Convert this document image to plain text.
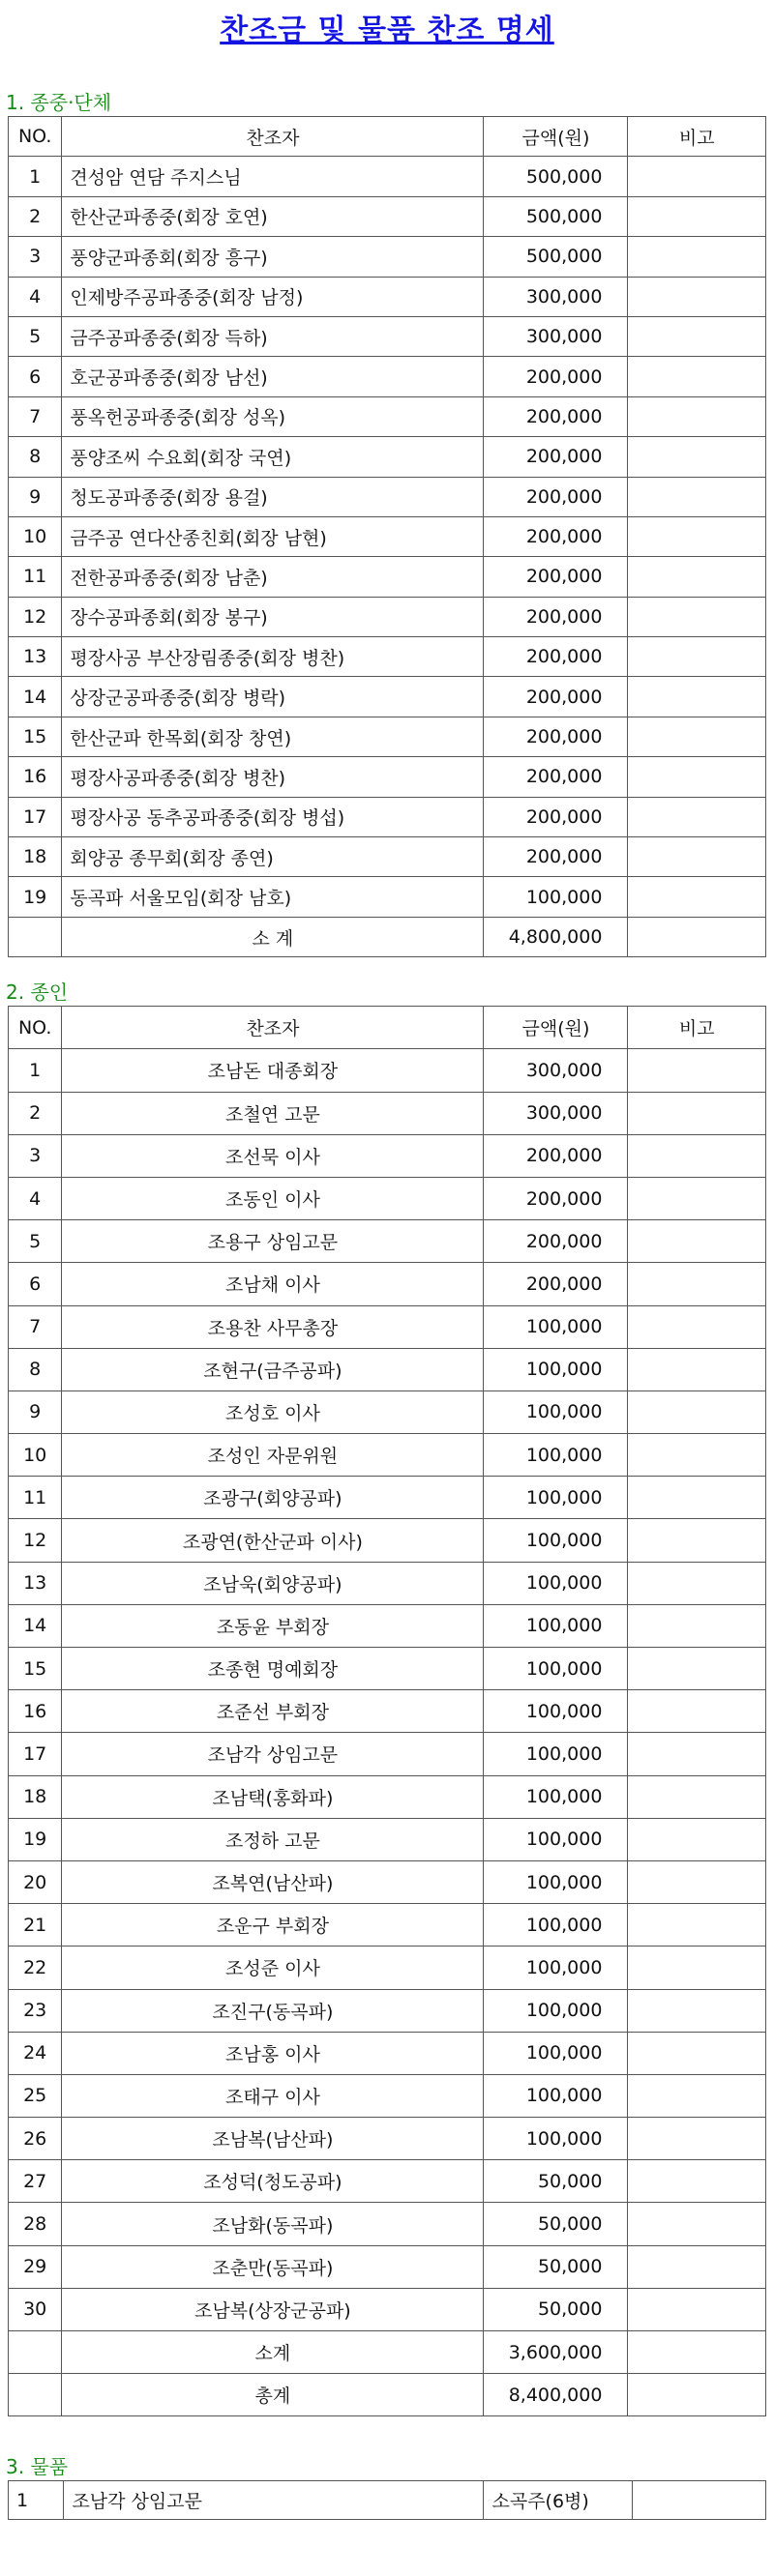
찬조금 및 물품 찬조 명세
1. 종중·단체
NO.	찬조자	금액(원)	비고
1	견성암 연담 주지스님	500,000	
2	한산군파종중(회장 호연)	500,000	
3	풍양군파종회(회장 흥구)	500,000	
4	인제방주공파종중(회장 남정)	300,000	
5	금주공파종중(회장 득하)	300,000	
6	호군공파종중(회장 남선)	200,000	
7	풍옥헌공파종중(회장 성옥)	200,000	
8	풍양조씨 수요회(회장 국연)	200,000	
9	청도공파종중(회장 용걸)	200,000	
10	금주공 연다산종친회(회장 남현)	200,000	
11	전한공파종중(회장 남춘)	200,000	
12	장수공파종회(회장 봉구)	200,000	
13	평장사공 부산장림종중(회장 병찬)	200,000	
14	상장군공파종중(회장 병락)	200,000	
15	한산군파 한목회(회장 창연)	200,000	
16	평장사공파종중(회장 병찬)	200,000	
17	평장사공 동추공파종중(회장 병섭)	200,000	
18	회양공 종무회(회장 종연)	200,000	
19	동곡파 서울모임(회장 남호)	100,000	
	소 계	4,800,000	
2. 종인
NO.	찬조자	금액(원)	비고
1	조남돈 대종회장	300,000	
2	조철연 고문	300,000	
3	조선묵 이사	200,000	
4	조동인 이사	200,000	
5	조용구 상임고문	200,000	
6	조남채 이사	200,000	
7	조용찬 사무총장	100,000	
8	조현구(금주공파)	100,000	
9	조성호 이사	100,000	
10	조성인 자문위원	100,000	
11	조광구(회양공파)	100,000	
12	조광연(한산군파 이사)	100,000	
13	조남욱(회양공파)	100,000	
14	조동윤 부회장	100,000	
15	조종현 명예회장	100,000	
16	조준선 부회장	100,000	
17	조남각 상임고문	100,000	
18	조남택(홍화파)	100,000	
19	조정하 고문	100,000	
20	조복연(남산파)	100,000	
21	조운구 부회장	100,000	
22	조성준 이사	100,000	
23	조진구(동곡파)	100,000	
24	조남홍 이사	100,000	
25	조태구 이사	100,000	
26	조남복(남산파)	100,000	
27	조성덕(청도공파)	50,000	
28	조남화(동곡파)	50,000	
29	조춘만(동곡파)	50,000	
30	조남복(상장군공파)	50,000	
	소계	3,600,000	
	총계	8,400,000	
3. 물품
1	조남각 상임고문	소곡주(6병)	
